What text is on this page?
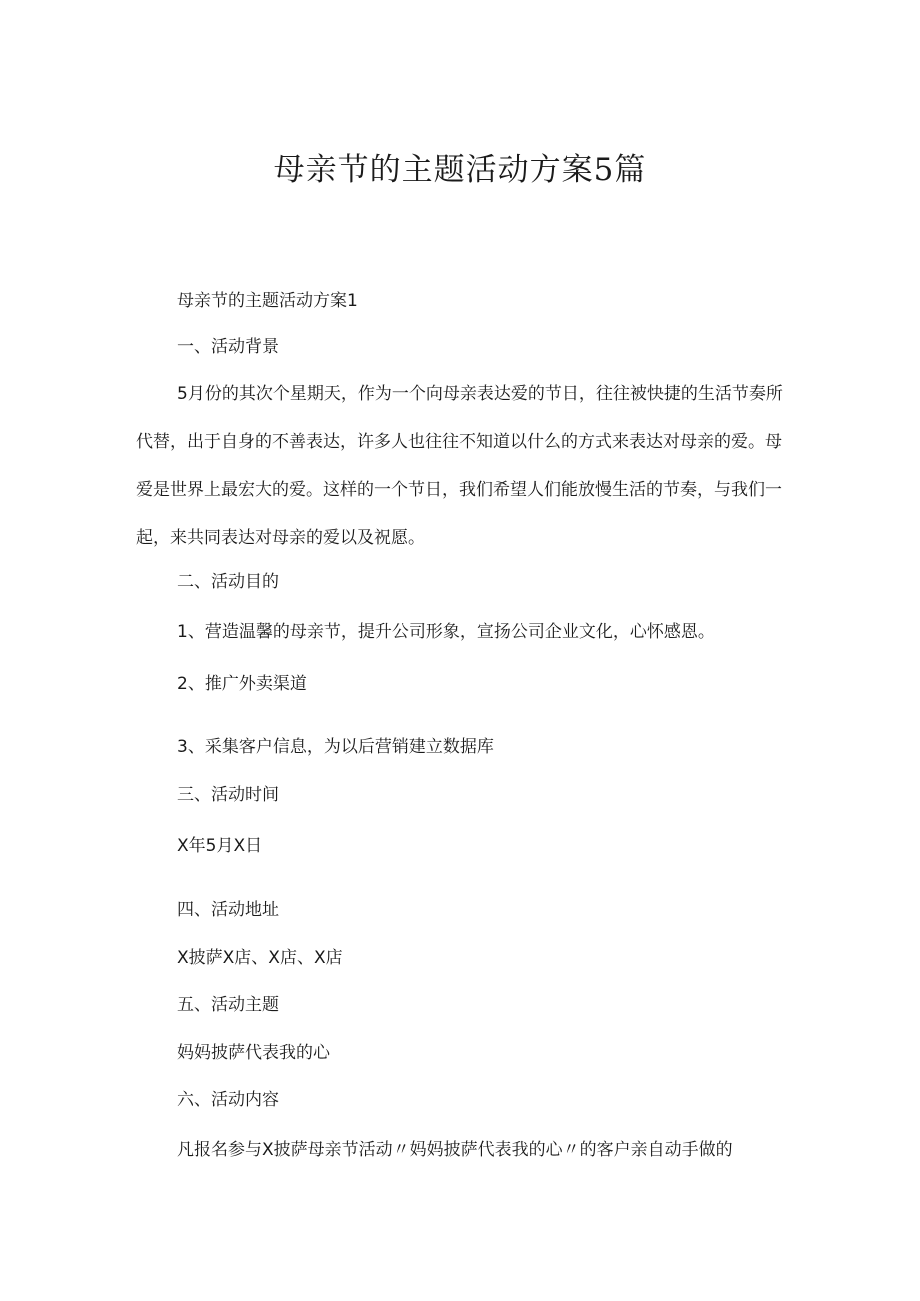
母亲节的主题活动方案5篇

母亲节的主题活动方案1

一、活动背景

5月份的其次个星期天，作为一个向母亲表达爱的节日，往往被快捷的生活节奏所代替，出于自身的不善表达，许多人也往往不知道以什么的方式来表达对母亲的爱。母爱是世界上最宏大的爱。这样的一个节日，我们希望人们能放慢生活的节奏，与我们一起，来共同表达对母亲的爱以及祝愿。

二、活动目的

1、营造温馨的母亲节，提升公司形象，宣扬公司企业文化，心怀感恩。

2、推广外卖渠道

3、采集客户信息，为以后营销建立数据库

三、活动时间

X年5月X日

四、活动地址

X披萨X店、X店、X店

五、活动主题

妈妈披萨代表我的心

六、活动内容

凡报名参与X披萨母亲节活动〃妈妈披萨代表我的心〃的客户亲自动手做的
